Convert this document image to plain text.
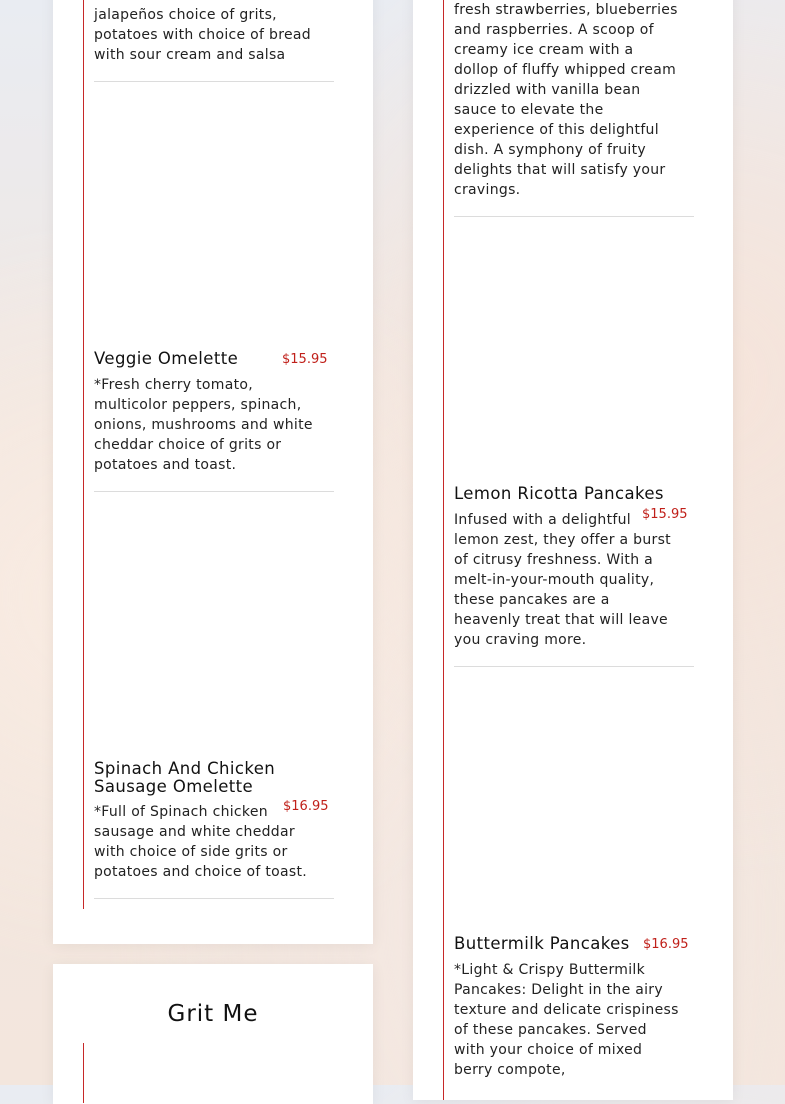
jalapeños choice of grits, potatoes with choice of bread with sour cream and salsa
Veggie Omelette	$15.95
*Fresh cherry tomato, multicolor peppers, spinach, onions, mushrooms and white cheddar choice of grits or potatoes and toast.
Spinach And Chicken Sausage Omelette
$16.95
*Full of Spinach chicken sausage and white cheddar with choice of side grits or potatoes and choice of toast.
Grit Me
fresh strawberries, blueberries and raspberries. A scoop of creamy ice cream with a dollop of fluffy whipped cream drizzled with vanilla bean sauce to elevate the experience of this delightful dish. A symphony of fruity delights that will satisfy your cravings.
Lemon Ricotta Pancakes
$15.95
Infused with a delightful lemon zest, they offer a burst of citrusy freshness. With a melt-in-your-mouth quality, these pancakes are a heavenly treat that will leave you craving more.
Buttermilk Pancakes $16.95
*Light & Crispy Buttermilk Pancakes: Delight in the airy texture and delicate crispiness of these pancakes. Served with your choice of mixed berry compote,
